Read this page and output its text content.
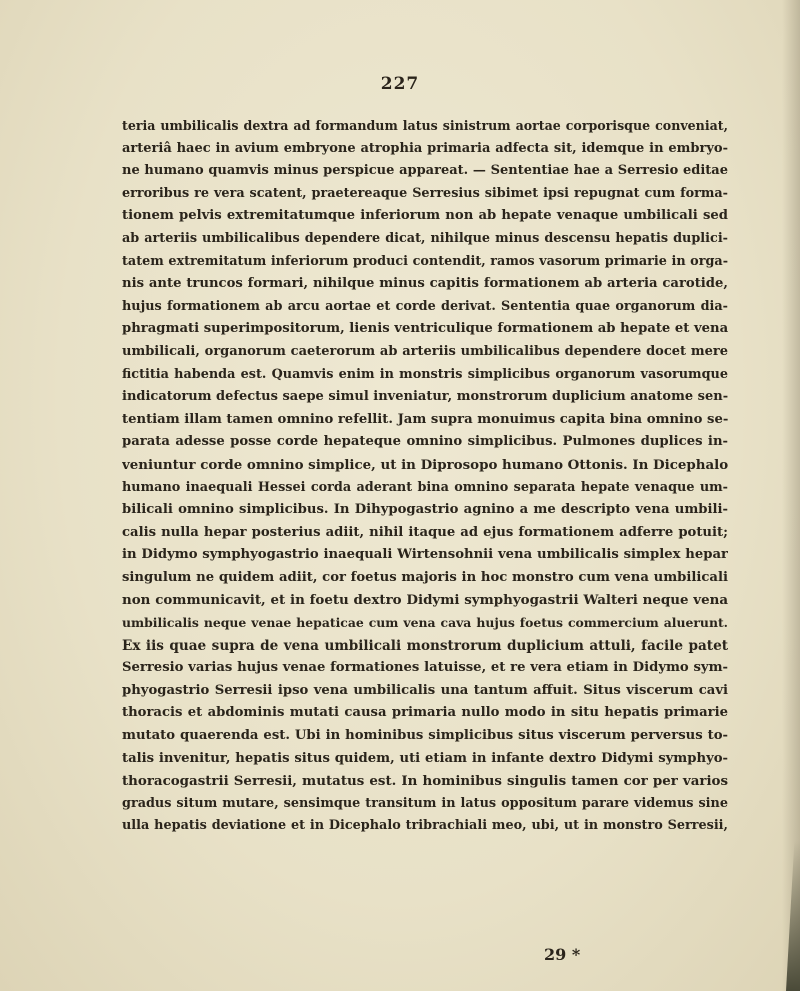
227
teria umbilicalis dextra ad formandum latus sinistrum aortae corporisque conveniat,
arteriâ haec in avium embryone atrophia primaria adfecta sit, idemque in embryo-
ne humano quamvis minus perspicue appareat. — Sententiae hae a Serresio editae
erroribus re vera scatent, praetereaque Serresius sibimet ipsi repugnat cum forma-
tionem pelvis extremitatumque inferiorum non ab hepate venaque umbilicali sed
ab arteriis umbilicalibus dependere dicat, nihilque minus descensu hepatis duplici-
tatem extremitatum inferiorum produci contendit, ramos vasorum primarie in orga-
nis ante truncos formari, nihilque minus capitis formationem ab arteria carotide,
hujus formationem ab arcu aortae et corde derivat. Sententia quae organorum dia-
phragmati superimpositorum, lienis ventriculique formationem ab hepate et vena
umbilicali, organorum caeterorum ab arteriis umbilicalibus dependere docet mere
fictitia habenda est. Quamvis enim in monstris simplicibus organorum vasorumque
indicatorum defectus saepe simul inveniatur, monstrorum duplicium anatome sen-
tentiam illam tamen omnino refellit. Jam supra monuimus capita bina omnino se-
parata adesse posse corde hepateque omnino simplicibus. Pulmones duplices in-
veniuntur corde omnino simplice, ut in Diprosopo humano Ottonis. In Dicephalo
humano inaequali Hessei corda aderant bina omnino separata hepate venaque um-
bilicali omnino simplicibus. In Dihypogastrio agnino a me descripto vena umbili-
calis nulla hepar posterius adiit, nihil itaque ad ejus formationem adferre potuit;
in Didymo symphyogastrio inaequali Wirtensohnii vena umbilicalis simplex hepar
singulum ne quidem adiit, cor foetus majoris in hoc monstro cum vena umbilicali
non communicavit, et in foetu dextro Didymi symphyogastrii Walteri neque vena
umbilicalis neque venae hepaticae cum vena cava hujus foetus commercium aluerunt.
Ex iis quae supra de vena umbilicali monstrorum duplicium attuli, facile patet
Serresio varias hujus venae formationes latuisse, et re vera etiam in Didymo sym-
phyogastrio Serresii ipso vena umbilicalis una tantum affuit. Situs viscerum cavi
thoracis et abdominis mutati causa primaria nullo modo in situ hepatis primarie
mutato quaerenda est. Ubi in hominibus simplicibus situs viscerum perversus to-
talis invenitur, hepatis situs quidem, uti etiam in infante dextro Didymi symphyo-
thoracogastrii Serresii, mutatus est. In hominibus singulis tamen cor per varios
gradus situm mutare, sensimque transitum in latus oppositum parare videmus sine
ulla hepatis deviatione et in Dicephalo tribrachiali meo, ubi, ut in monstro Serresii,
29 *
